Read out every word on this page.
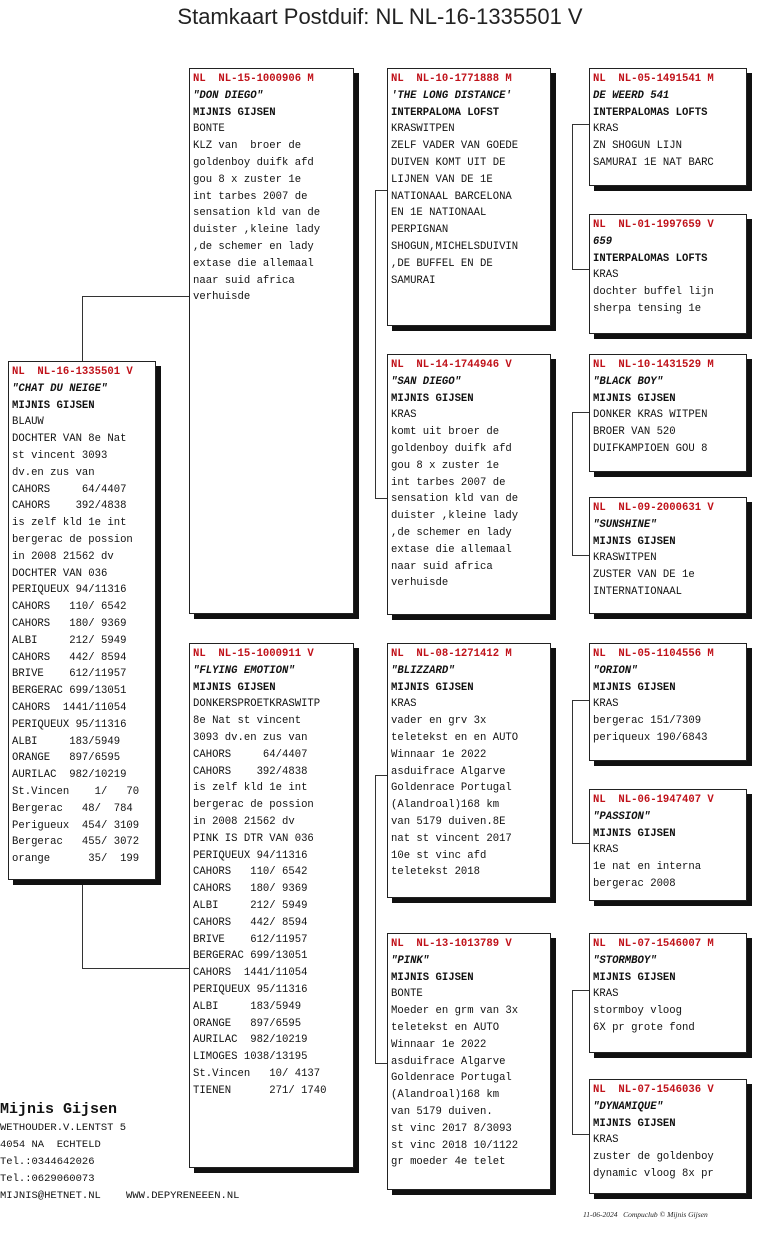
Stamkaart Postduif: NL NL-16-1335501 V
NL  NL-16-1335501 V
"CHAT DU NEIGE"
MIJNIS GIJSEN
BLAUW
DOCHTER VAN 8e Nat
st vincent 3093
dv.en zus van
CAHORS     64/4407
CAHORS    392/4838
is zelf kld 1e int
bergerac de possion
in 2008 21562 dv
DOCHTER VAN 036
PERIQUEUX 94/11316
CAHORS   110/ 6542
CAHORS   180/ 9369
ALBI     212/ 5949
CAHORS   442/ 8594
BRIVE    612/11957
BERGERAC 699/13051
CAHORS  1441/11054
PERIQUEUX 95/11316
ALBI     183/5949
ORANGE   897/6595
AURILAC  982/10219
St.Vincen    1/   70
Bergerac   48/  784
Perigueux  454/ 3109
Bergerac   455/ 3072
orange      35/  199
NL  NL-15-1000906 M
"DON DIEGO"
MIJNIS GIJSEN
BONTE
KLZ van  broer de
goldenboy duifk afd
gou 8 x zuster 1e
int tarbes 2007 de
sensation kld van de
duister ,kleine lady
,de schemer en lady
extase die allemaal
naar suid africa
verhuisde
NL  NL-15-1000911 V
"FLYING EMOTION"
MIJNIS GIJSEN
DONKERSPROETKRASWITP
8e Nat st vincent
3093 dv.en zus van
CAHORS     64/4407
CAHORS    392/4838
is zelf kld 1e int
bergerac de possion
in 2008 21562 dv
PINK IS DTR VAN 036
PERIQUEUX 94/11316
CAHORS   110/ 6542
CAHORS   180/ 9369
ALBI     212/ 5949
CAHORS   442/ 8594
BRIVE    612/11957
BERGERAC 699/13051
CAHORS  1441/11054
PERIQUEUX 95/11316
ALBI     183/5949
ORANGE   897/6595
AURILAC  982/10219
LIMOGES 1038/13195
St.Vincen   10/ 4137
TIENEN      271/ 1740
NL  NL-10-1771888 M
'THE LONG DISTANCE'
INTERPALOMA LOFST
KRASWITPEN
ZELF VADER VAN GOEDE
DUIVEN KOMT UIT DE
LIJNEN VAN DE 1E
NATIONAAL BARCELONA
EN 1E NATIONAAL
PERPIGNAN
SHOGUN,MICHELSDUIVIN
,DE BUFFEL EN DE
SAMURAI
NL  NL-14-1744946 V
"SAN DIEGO"
MIJNIS GIJSEN
KRAS
komt uit broer de
goldenboy duifk afd
gou 8 x zuster 1e
int tarbes 2007 de
sensation kld van de
duister ,kleine lady
,de schemer en lady
extase die allemaal
naar suid africa
verhuisde
NL  NL-08-1271412 M
"BLIZZARD"
MIJNIS GIJSEN
KRAS
vader en grv 3x
teletekst en en AUTO
Winnaar 1e 2022
asduifrace Algarve
Goldenrace Portugal
(Alandroal)168 km
van 5179 duiven.8E
nat st vincent 2017
10e st vinc afd
teletekst 2018
NL  NL-13-1013789 V
"PINK"
MIJNIS GIJSEN
BONTE
Moeder en grm van 3x
teletekst en AUTO
Winnaar 1e 2022
asduifrace Algarve
Goldenrace Portugal
(Alandroal)168 km
van 5179 duiven.
st vinc 2017 8/3093
st vinc 2018 10/1122
gr moeder 4e telet
NL  NL-05-1491541 M
DE WEERD 541
INTERPALOMAS LOFTS
KRAS
ZN SHOGUN LIJN
SAMURAI 1E NAT BARC
NL  NL-01-1997659 V
659
INTERPALOMAS LOFTS
KRAS
dochter buffel lijn
sherpa tensing 1e
NL  NL-10-1431529 M
"BLACK BOY"
MIJNIS GIJSEN
DONKER KRAS WITPEN
BROER VAN 520
DUIFKAMPIOEN GOU 8
NL  NL-09-2000631 V
"SUNSHINE"
MIJNIS GIJSEN
KRASWITPEN
ZUSTER VAN DE 1e
INTERNATIONAAL
NL  NL-05-1104556 M
"ORION"
MIJNIS GIJSEN
KRAS
bergerac 151/7309
periqueux 190/6843
NL  NL-06-1947407 V
"PASSION"
MIJNIS GIJSEN
KRAS
1e nat en interna
bergerac 2008
NL  NL-07-1546007 M
"STORMBOY"
MIJNIS GIJSEN
KRAS
stormboy vloog
6X pr grote fond
NL  NL-07-1546036 V
"DYNAMIQUE"
MIJNIS GIJSEN
KRAS
zuster de goldenboy
dynamic vloog 8x pr
Mijnis Gijsen
WETHOUDER.V.LENTST 5
4054 NA  ECHTELD
Tel.:0344642026
Tel.:0629060073
MIJNIS@HETNET.NL    WWW.DEPYRENEEEN.NL
11-06-2024   Compuclub © Mijnis Gijsen
